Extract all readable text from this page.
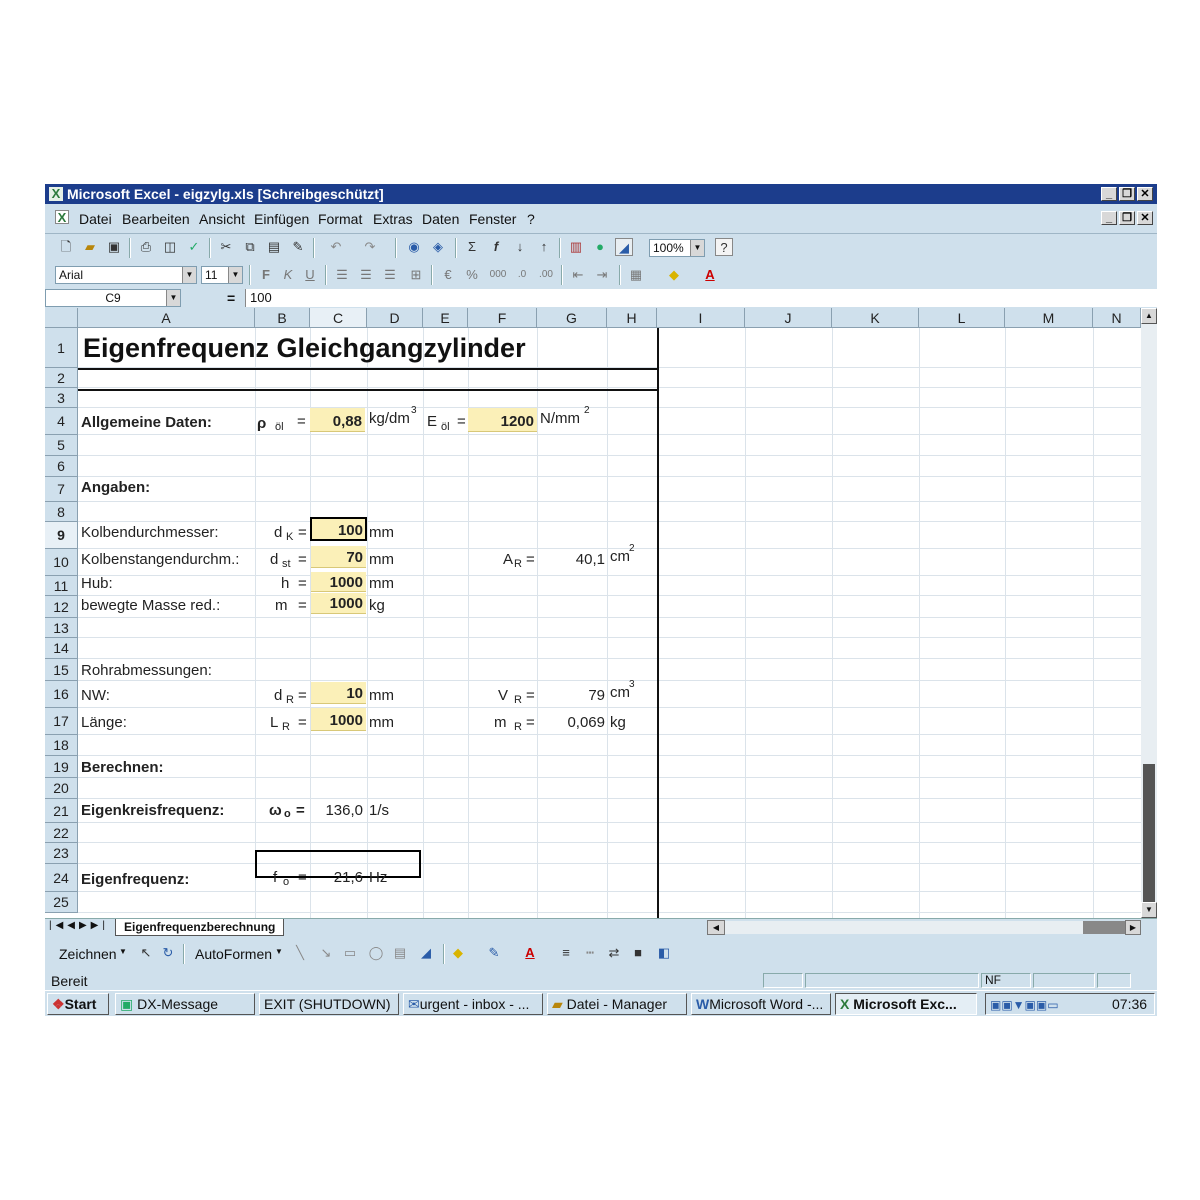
X Microsoft Excel - eigzylg.xls [Schreibgeschützt]	_ ❐ ✕
X Datei Bearbeiten Ansicht Einfügen Format Extras Daten Fenster ?	_ ❐ ✕
🗋	▰ ▣ ⎙ ◫ ✓ ✂	⧉	▤ ✎ ↶ ↷	◉	◈	Σ	f	↓	↑	▥	●	◢	100%	▼	?
Arial	▼ 11	▼	F	K U	☰ ☰ ☰ ⊞	€	%	000	.0	.00 ⇤ ⇥ ▦	◆	A
C9	▼	=	100
A	B	C	D	E	F	G	H	I	J	K	L	M	N
1
2
3
4
5
6
7
8
9
10
11
12
13
14
15
16
17
18
19
20
21
22
23
24
25
Eigenfrequenz Gleichgangzylinder
Allgemeine Daten:	ρ öl =	0,88 kg/dm 3
E öl =	1200 N/mm 2
Angaben:
Kolbendurchmesser:	d K =	100 mm
Kolbenstangendurchm.: d st =	70 mm	A R =	40,1 cm 2
Hub:	h =	1000 mm
bewegte Masse red.:	m =	1000 kg
Rohrabmessungen:
NW:	d R =	10 mm	V R =	79 cm 3
Länge:	L R =	1000 mm	m R =	0,069 kg
Berechnen:
Eigenkreisfrequenz:	ω o =	136,0 1/s
Eigenfrequenz:	f o =	21,6 Hz
▲
▼
|◀◀▶▶|	Eigenfrequenzberechnung	◀	▶
Zeichnen ▼ ↖ ↻ AutoFormen ▼	╲	↘ ▭ ◯ ▤	◢	◆	✎	A	≡	┅	⇄	■	◧
Bereit	NF
❖Start	▣ DX-Message	EXIT (SHUTDOWN)	✉urgent - inbox - ...	▰ Datei - Manager	WMicrosoft Word -...	X Microsoft Exc...	▣▣▼▣▣▭	07:36
